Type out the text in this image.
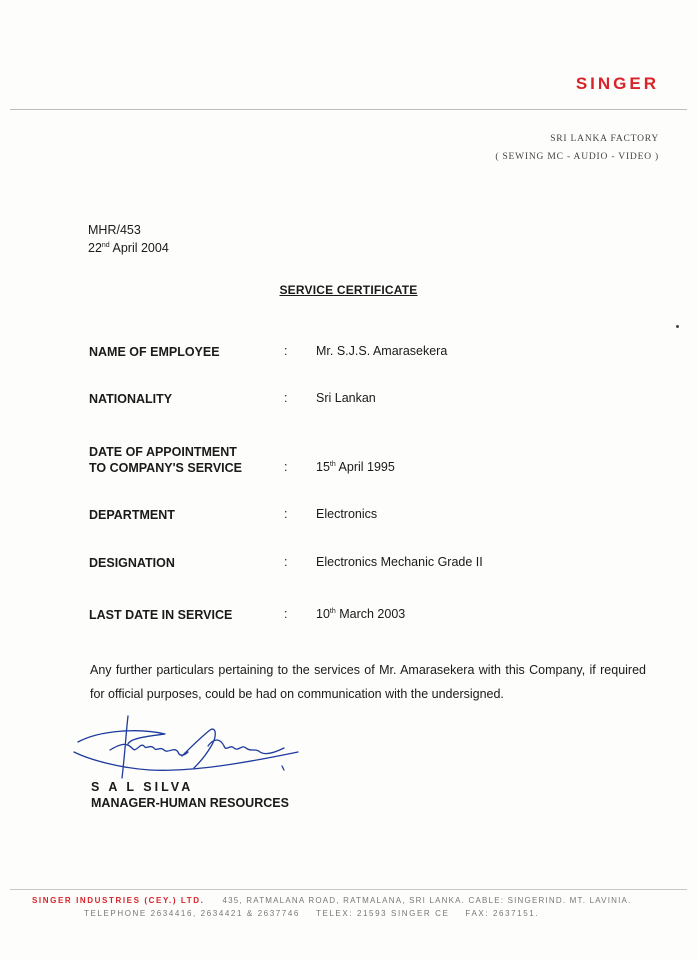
SINGER
SRI LANKA FACTORY
( SEWING MC - AUDIO - VIDEO )
MHR/453
22nd April 2004
SERVICE CERTIFICATE
NAME OF EMPLOYEE	: Mr. S.J.S. Amarasekera
NATIONALITY	: Sri Lankan
DATE OF APPOINTMENT
TO COMPANY'S SERVICE	: 15th April 1995
DEPARTMENT	: Electronics
DESIGNATION	: Electronics Mechanic Grade II
LAST DATE IN SERVICE	: 10th March 2003
Any further particulars pertaining to the services of Mr. Amarasekera with this Company, if required for official purposes, could be had on communication with the undersigned.
S A L SILVA
MANAGER-HUMAN RESOURCES
SINGER INDUSTRIES (CEY.) LTD. 435, RATMALANA ROAD, RATMALANA, SRI LANKA. CABLE: SINGERIND. MT. LAVINIA.
TELEPHONE 2634416, 2634421 & 2637746 TELEX: 21593 SINGER CE FAX: 2637151.
